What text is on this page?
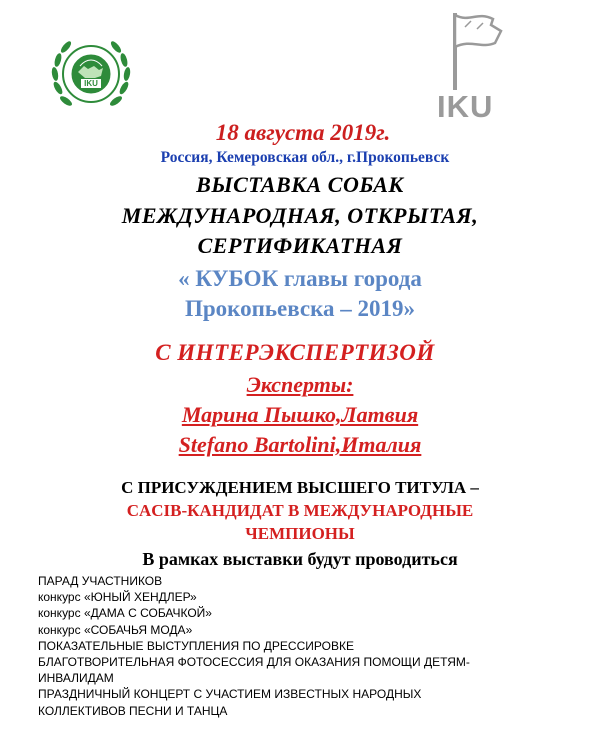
IKU
IKU
18 августа 2019г.
Россия, Кемеровская обл., г.Прокопьевск
ВЫСТАВКА СОБАК
МЕЖДУНАРОДНАЯ, ОТКРЫТАЯ,
СЕРТИФИКАТНАЯ
« КУБОК главы города
Прокопьевска – 2019»
С ИНТЕРЭКСПЕРТИЗОЙ
Эксперты:
Марина Пышко,Латвия
Stefano Bartolini,Италия
С ПРИСУЖДЕНИЕМ ВЫСШЕГО ТИТУЛА –
CACIB-КАНДИДАТ В МЕЖДУНАРОДНЫЕ
ЧЕМПИОНЫ
В рамках выставки будут проводиться
ПАРАД УЧАСТНИКОВ
конкурс «ЮНЫЙ ХЕНДЛЕР»
конкурс «ДАМА С СОБАЧКОЙ»
конкурс «СОБАЧЬЯ МОДА»
ПОКАЗАТЕЛЬНЫЕ ВЫСТУПЛЕНИЯ ПО ДРЕССИРОВКЕ
БЛАГОТВОРИТЕЛЬНАЯ ФОТОСЕССИЯ ДЛЯ ОКАЗАНИЯ ПОМОЩИ ДЕТЯМ-
ИНВАЛИДАМ
ПРАЗДНИЧНЫЙ КОНЦЕРТ С УЧАСТИЕМ ИЗВЕСТНЫХ НАРОДНЫХ
КОЛЛЕКТИВОВ ПЕСНИ И ТАНЦА
